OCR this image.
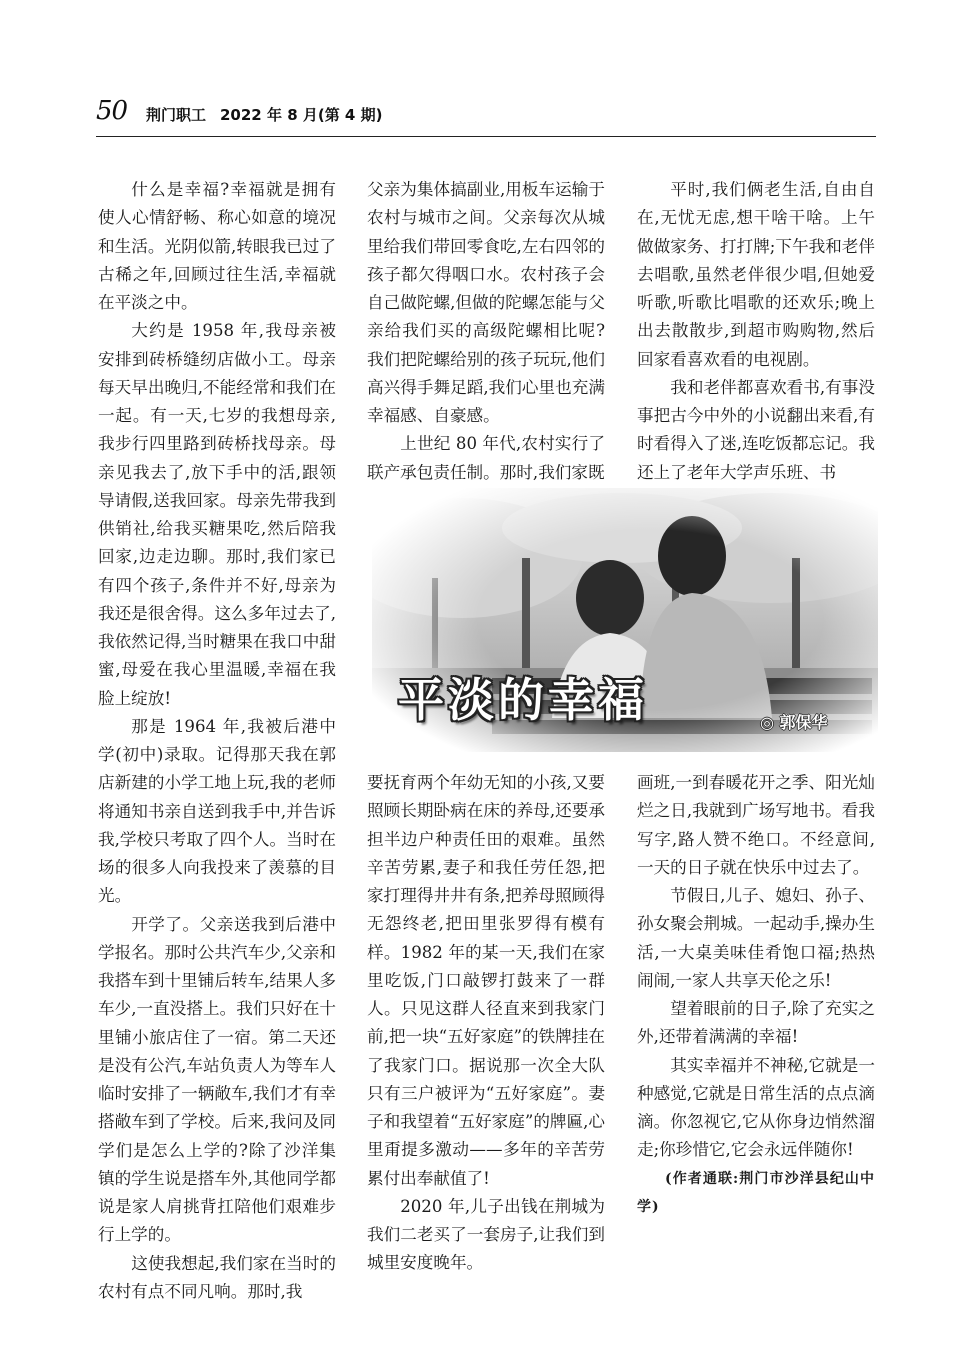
50 荆门职工 2022 年 8 月(第 4 期)

什么是幸福?幸福就是拥有使人心情舒畅、称心如意的境况和生活。光阴似箭,转眼我已过了古稀之年,回顾过往生活,幸福就在平淡之中。

大约是 1958 年,我母亲被安排到砖桥缝纫店做小工。母亲每天早出晚归,不能经常和我们在一起。有一天,七岁的我想母亲,我步行四里路到砖桥找母亲。母亲见我去了,放下手中的活,跟领导请假,送我回家。母亲先带我到供销社,给我买糖果吃,然后陪我回家,边走边聊。那时,我们家已有四个孩子,条件并不好,母亲为我还是很舍得。这么多年过去了,我依然记得,当时糖果在我口中甜蜜,母爱在我心里温暖,幸福在我脸上绽放!

那是 1964 年,我被后港中学(初中)录取。记得那天我在郭店新建的小学工地上玩,我的老师将通知书亲自送到我手中,并告诉我,学校只考取了四个人。当时在场的很多人向我投来了羡慕的目光。

开学了。父亲送我到后港中学报名。那时公共汽车少,父亲和我搭车到十里铺后转车,结果人多车少,一直没搭上。我们只好在十里铺小旅店住了一宿。第二天还是没有公汽,车站负责人为等车人临时安排了一辆敞车,我们才有幸搭敞车到了学校。后来,我问及同学们是怎么上学的?除了沙洋集镇的学生说是搭车外,其他同学都说是家人肩挑背扛陪他们艰难步行上学的。

这使我想起,我们家在当时的农村有点不同凡响。那时,我

父亲为集体搞副业,用板车运输于农村与城市之间。父亲每次从城里给我们带回零食吃,左右四邻的孩子都欠得咽口水。农村孩子会自己做陀螺,但做的陀螺怎能与父亲给我们买的高级陀螺相比呢?我们把陀螺给别的孩子玩玩,他们高兴得手舞足蹈,我们心里也充满幸福感、自豪感。

上世纪 80 年代,农村实行了联产承包责任制。那时,我们家既

平时,我们俩老生活,自由自在,无忧无虑,想干啥干啥。上午做做家务、打打牌;下午我和老伴去唱歌,虽然老伴很少唱,但她爱听歌,听歌比唱歌的还欢乐;晚上出去散散步,到超市购购物,然后回家看喜欢看的电视剧。

我和老伴都喜欢看书,有事没事把古今中外的小说翻出来看,有时看得入了迷,连吃饭都忘记。我还上了老年大学声乐班、书

平淡的幸福	◎ 郭保华

要抚育两个年幼无知的小孩,又要照顾长期卧病在床的养母,还要承担半边户种责任田的艰难。虽然辛苦劳累,妻子和我任劳任怨,把家打理得井井有条,把养母照顾得无怨终老,把田里张罗得有模有样。1982 年的某一天,我们在家里吃饭,门口敲锣打鼓来了一群人。只见这群人径直来到我家门前,把一块“五好家庭”的铁牌挂在了我家门口。据说那一次全大队只有三户被评为“五好家庭”。妻子和我望着“五好家庭”的牌匾,心里甭提多激动——多年的辛苦劳累付出奉献值了!

2020 年,儿子出钱在荆城为我们二老买了一套房子,让我们到城里安度晚年。

画班,一到春暖花开之季、阳光灿烂之日,我就到广场写地书。看我写字,路人赞不绝口。不经意间,一天的日子就在快乐中过去了。

节假日,儿子、媳妇、孙子、孙女聚会荆城。一起动手,操办生活,一大桌美味佳肴饱口福;热热闹闹,一家人共享天伦之乐!

望着眼前的日子,除了充实之外,还带着满满的幸福!

其实幸福并不神秘,它就是一种感觉,它就是日常生活的点点滴滴。你忽视它,它从你身边悄然溜走;你珍惜它,它会永远伴随你!

(作者通联:荆门市沙洋县纪山中学)
